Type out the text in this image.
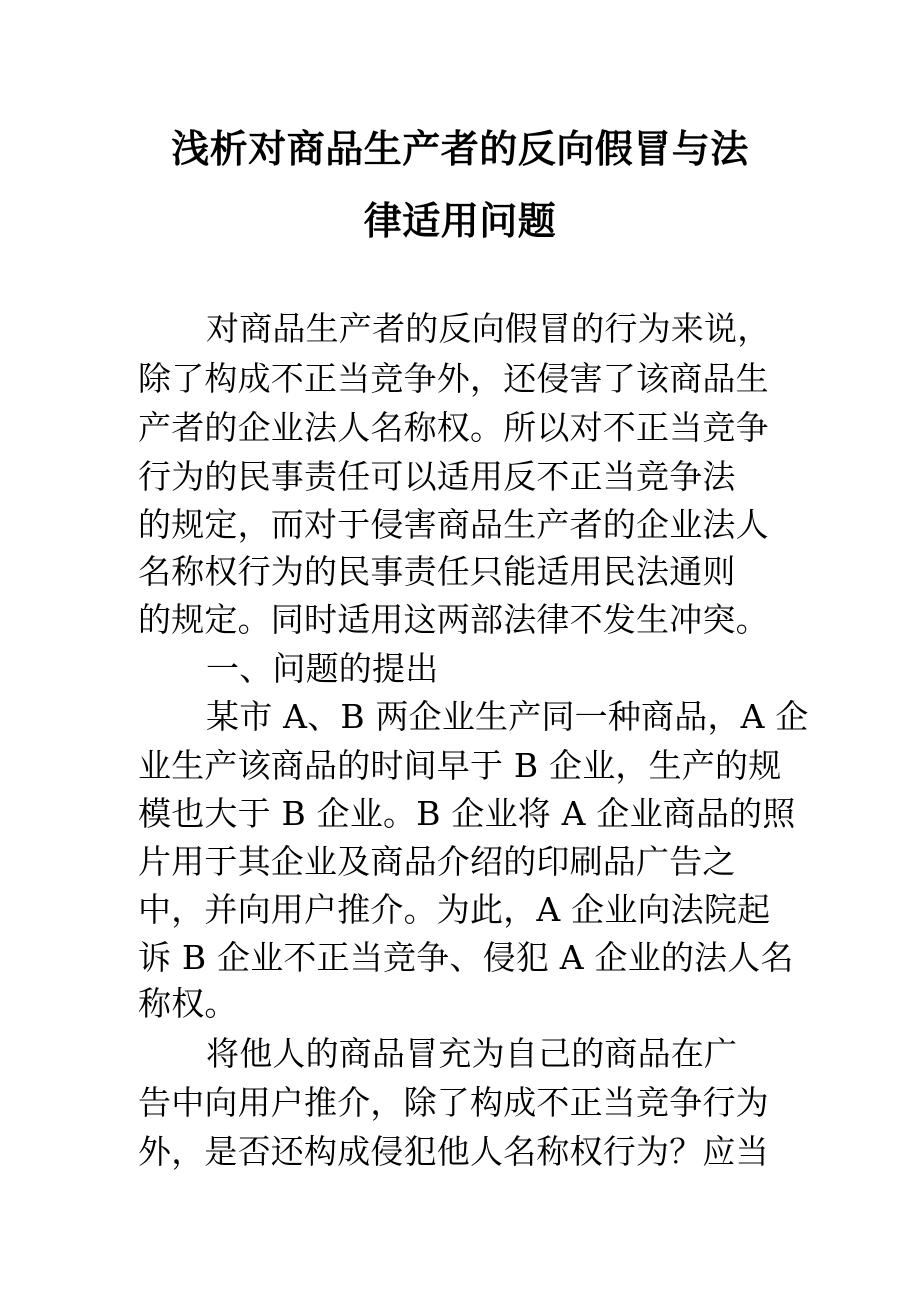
浅析对商品生产者的反向假冒与法
律适用问题
对商品生产者的反向假冒的行为来说，
除了构成不正当竞争外，还侵害了该商品生
产者的企业法人名称权。所以对不正当竞争
行为的民事责任可以适用反不正当竞争法
的规定，而对于侵害商品生产者的企业法人
名称权行为的民事责任只能适用民法通则
的规定。同时适用这两部法律不发生冲突。
一、问题的提出
某市 A、B 两企业生产同一种商品，A 企
业生产该商品的时间早于 B 企业，生产的规
模也大于 B 企业。B 企业将 A 企业商品的照
片用于其企业及商品介绍的印刷品广告之
中，并向用户推介。为此，A 企业向法院起
诉 B 企业不正当竞争、侵犯 A 企业的法人名
称权。
将他人的商品冒充为自己的商品在广
告中向用户推介，除了构成不正当竞争行为
外，是否还构成侵犯他人名称权行为？应当
